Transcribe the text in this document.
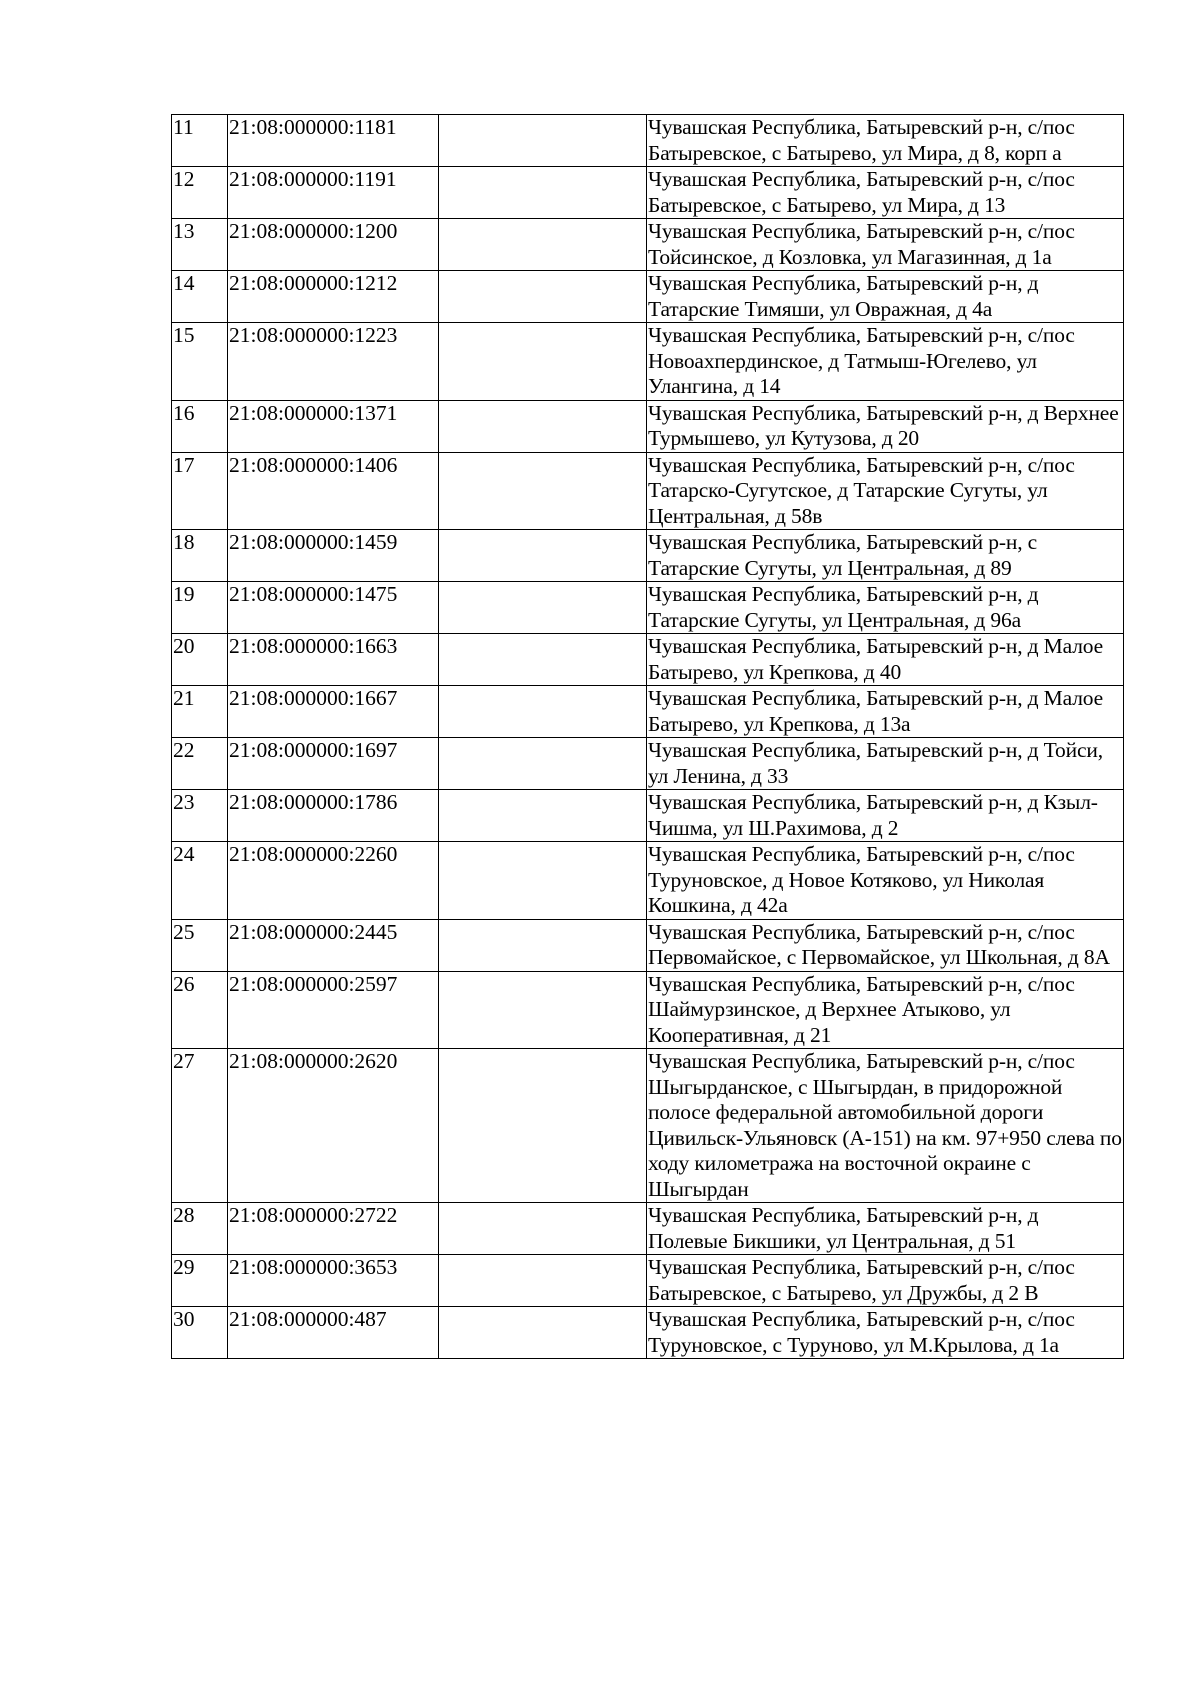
11	21:08:000000:1181		Чувашская Республика, Батыревский р-н, с/пос Батыревское, с Батырево, ул Мира, д 8, корп а
12	21:08:000000:1191		Чувашская Республика, Батыревский р-н, с/пос Батыревское, с Батырево, ул Мира, д 13
13	21:08:000000:1200		Чувашская Республика, Батыревский р-н, с/пос Тойсинское, д Козловка, ул Магазинная, д 1а
14	21:08:000000:1212		Чувашская Республика, Батыревский р-н, д Татарские Тимяши, ул Овражная, д 4а
15	21:08:000000:1223		Чувашская Республика, Батыревский р-н, с/пос Новоахпердинское, д Татмыш-Югелево, ул Улангина, д 14
16	21:08:000000:1371		Чувашская Республика, Батыревский р-н, д Верхнее Турмышево, ул Кутузова, д 20
17	21:08:000000:1406		Чувашская Республика, Батыревский р-н, с/пос Татарско-Сугутское, д Татарские Сугуты, ул Центральная, д 58в
18	21:08:000000:1459		Чувашская Республика, Батыревский р-н, с Татарские Сугуты, ул Центральная, д 89
19	21:08:000000:1475		Чувашская Республика, Батыревский р-н, д Татарские Сугуты, ул Центральная, д 96а
20	21:08:000000:1663		Чувашская Республика, Батыревский р-н, д Малое Батырево, ул Крепкова, д 40
21	21:08:000000:1667		Чувашская Республика, Батыревский р-н, д Малое Батырево, ул Крепкова, д 13а
22	21:08:000000:1697		Чувашская Республика, Батыревский р-н, д Тойси, ул Ленина, д 33
23	21:08:000000:1786		Чувашская Республика, Батыревский р-н, д Кзыл-Чишма, ул Ш.Рахимова, д 2
24	21:08:000000:2260		Чувашская Республика, Батыревский р-н, с/пос Туруновское, д Новое Котяково, ул Николая Кошкина, д 42а
25	21:08:000000:2445		Чувашская Республика, Батыревский р-н, с/пос Первомайское, с Первомайское, ул Школьная, д 8А
26	21:08:000000:2597		Чувашская Республика, Батыревский р-н, с/пос Шаймурзинское, д Верхнее Атыково, ул Кооперативная, д 21
27	21:08:000000:2620		Чувашская Республика, Батыревский р-н, с/пос Шыгырданское, с Шыгырдан, в придорожной полосе федеральной автомобильной дороги Цивильск-Ульяновск (А-151) на км. 97+950 слева по ходу километража на восточной окраине с Шыгырдан
28	21:08:000000:2722		Чувашская Республика, Батыревский р-н, д Полевые Бикшики, ул Центральная, д 51
29	21:08:000000:3653		Чувашская Республика, Батыревский р-н, с/пос Батыревское, с Батырево, ул Дружбы, д 2 В
30	21:08:000000:487		Чувашская Республика, Батыревский р-н, с/пос Туруновское, с Туруново, ул М.Крылова, д 1а
